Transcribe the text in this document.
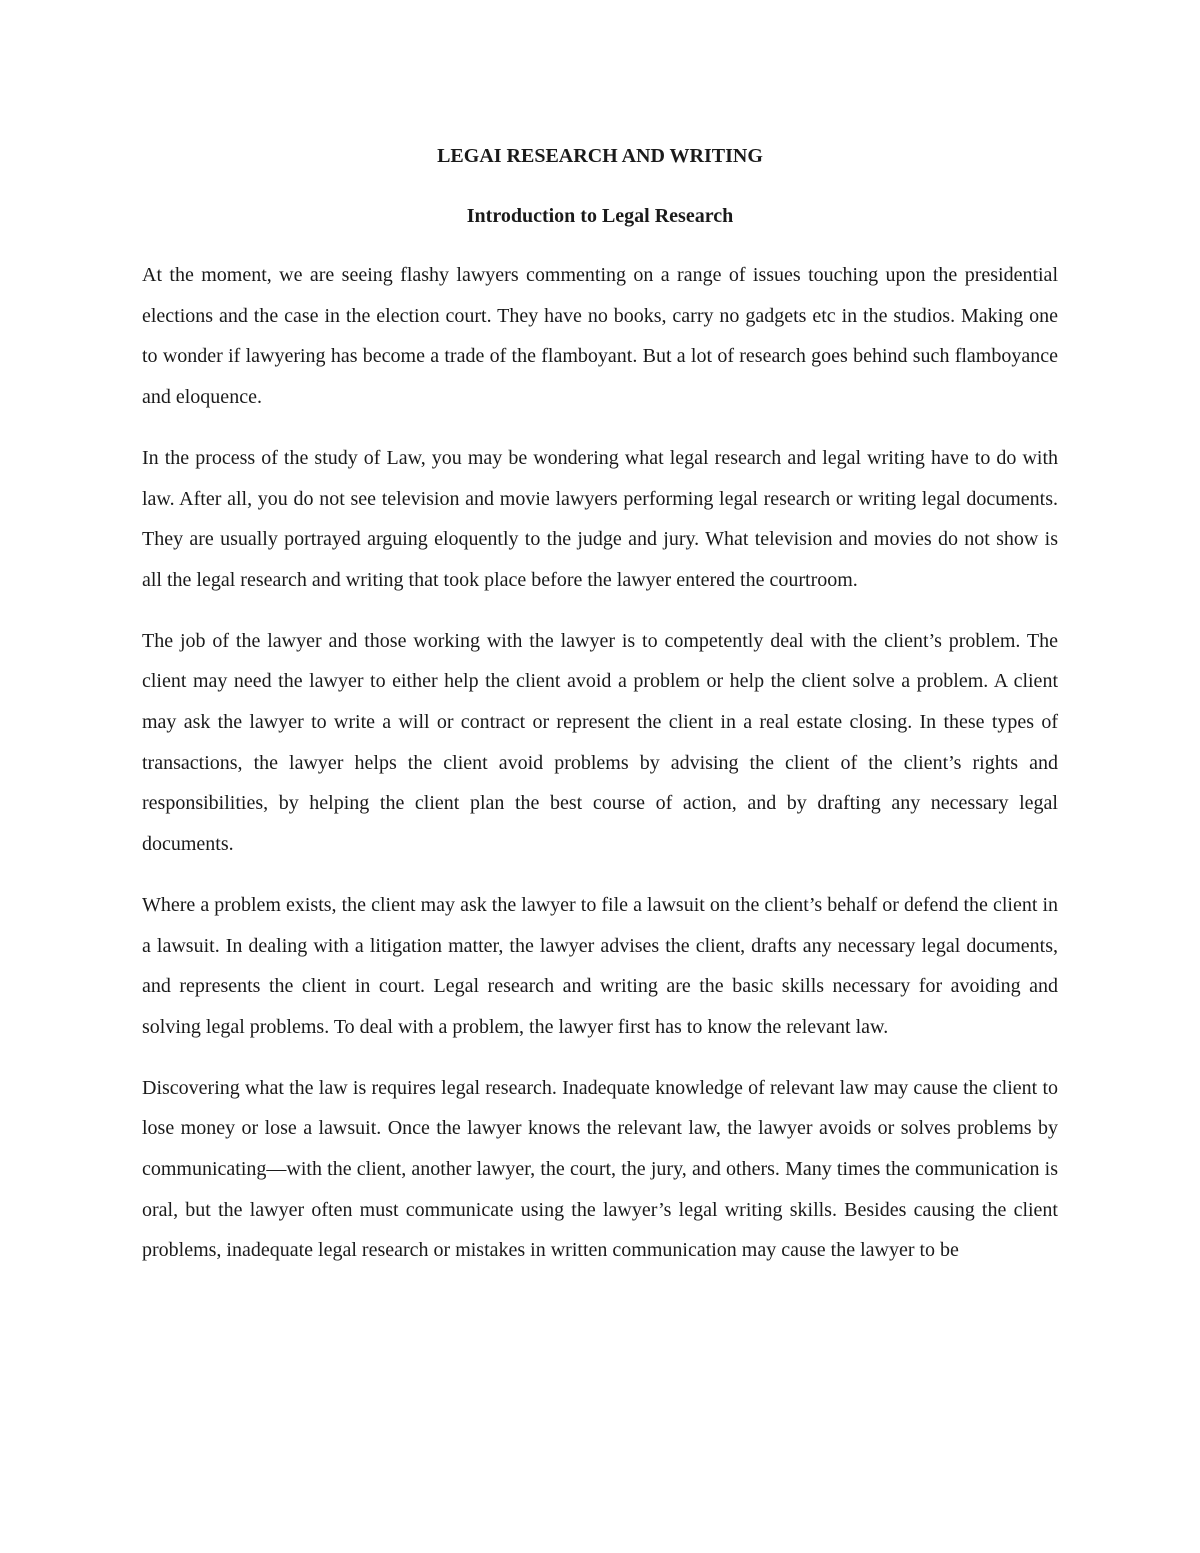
LEGAI RESEARCH AND WRITING
Introduction to Legal Research

At the moment, we are seeing flashy lawyers commenting on a range of issues touching upon the presidential elections and the case in the election court. They have no books, carry no gadgets etc in the studios. Making one to wonder if lawyering has become a trade of the flamboyant. But a lot of research goes behind such flamboyance and eloquence.

In the process of the study of Law, you may be wondering what legal research and legal writing have to do with law. After all, you do not see television and movie lawyers performing legal research or writing legal documents. They are usually portrayed arguing eloquently to the judge and jury. What television and movies do not show is all the legal research and writing that took place before the lawyer entered the courtroom.

The job of the lawyer and those working with the lawyer is to competently deal with the client’s problem. The client may need the lawyer to either help the client avoid a problem or help the client solve a problem. A client may ask the lawyer to write a will or contract or represent the client in a real estate closing. In these types of transactions, the lawyer helps the client avoid problems by advising the client of the client’s rights and responsibilities, by helping the client plan the best course of action, and by drafting any necessary legal documents.

Where a problem exists, the client may ask the lawyer to file a lawsuit on the client’s behalf or defend the client in a lawsuit. In dealing with a litigation matter, the lawyer advises the client, drafts any necessary legal documents, and represents the client in court. Legal research and writing are the basic skills necessary for avoiding and solving legal problems. To deal with a problem, the lawyer first has to know the relevant law.

Discovering what the law is requires legal research. Inadequate knowledge of relevant law may cause the client to lose money or lose a lawsuit. Once the lawyer knows the relevant law, the lawyer avoids or solves problems by communicating—with the client, another lawyer, the court, the jury, and others. Many times the communication is oral, but the lawyer often must communicate using the lawyer’s legal writing skills. Besides causing the client problems, inadequate legal research or mistakes in written communication may cause the lawyer to be
